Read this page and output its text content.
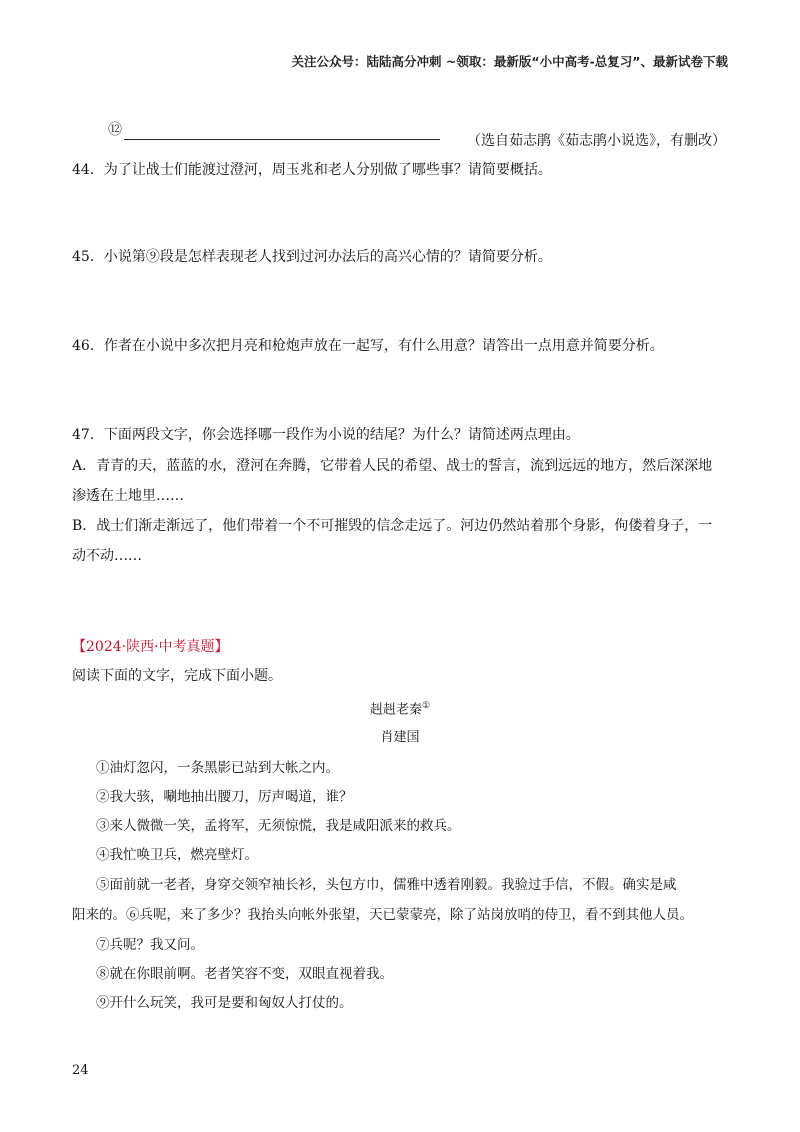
关注公众号：陆陆高分冲刺 ~领取：最新版“小中高考-总复习”、最新试卷下载
⑫
（选自茹志鹃《茹志鹃小说选》，有删改）
44．为了让战士们能渡过澄河，周玉兆和老人分别做了哪些事？请简要概括。
45．小说第⑨段是怎样表现老人找到过河办法后的高兴心情的？请简要分析。
46．作者在小说中多次把月亮和枪炮声放在一起写，有什么用意？请答出一点用意并简要分析。
47．下面两段文字，你会选择哪一段作为小说的结尾？为什么？请简述两点理由。
A．青青的天，蓝蓝的水，澄河在奔腾，它带着人民的希望、战士的誓言，流到远远的地方，然后深深地
渗透在土地里……
B．战士们渐走渐远了，他们带着一个不可摧毁的信念走远了。河边仍然站着那个身影，佝偻着身子，一
动不动……
【2024·陕西·中考真题】
阅读下面的文字，完成下面小题。
赳赳老秦①
肖建国
①油灯忽闪，一条黑影已站到大帐之内。
②我大骇，唰地抽出腰刀，厉声喝道，谁？
③来人微微一笑，孟将军，无须惊慌，我是咸阳派来的救兵。
④我忙唤卫兵，燃亮壁灯。
⑤面前就一老者，身穿交领窄袖长衫，头包方巾，儒雅中透着刚毅。我验过手信，不假。确实是咸
阳来的。⑥兵呢，来了多少？我抬头向帐外张望，天已蒙蒙亮，除了站岗放哨的侍卫，看不到其他人员。
⑦兵呢？我又问。
⑧就在你眼前啊。老者笑容不变，双眼直视着我。
⑨开什么玩笑，我可是要和匈奴人打仗的。
24
